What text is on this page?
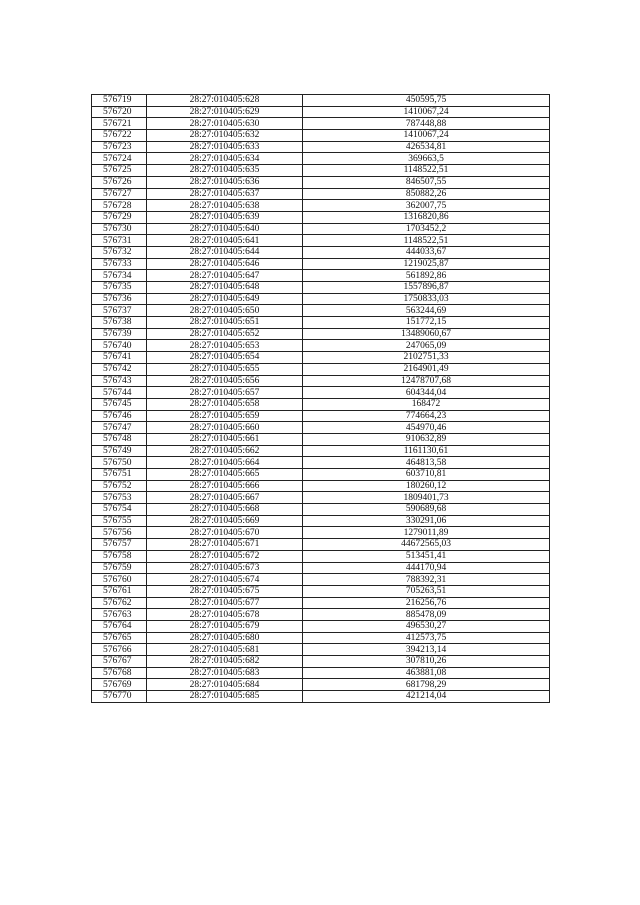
576719	28:27:010405:628	450595,75
576720	28:27:010405:629	1410067,24
576721	28:27:010405:630	787448,88
576722	28:27:010405:632	1410067,24
576723	28:27:010405:633	426534,81
576724	28:27:010405:634	369663,5
576725	28:27:010405:635	1148522,51
576726	28:27:010405:636	846507,55
576727	28:27:010405:637	850882,26
576728	28:27:010405:638	362007,75
576729	28:27:010405:639	1316820,86
576730	28:27:010405:640	1703452,2
576731	28:27:010405:641	1148522,51
576732	28:27:010405:644	444033,67
576733	28:27:010405:646	1219025,87
576734	28:27:010405:647	561892,86
576735	28:27:010405:648	1557896,87
576736	28:27:010405:649	1750833,03
576737	28:27:010405:650	563244,69
576738	28:27:010405:651	151772,15
576739	28:27:010405:652	13489060,67
576740	28:27:010405:653	247065,09
576741	28:27:010405:654	2102751,33
576742	28:27:010405:655	2164901,49
576743	28:27:010405:656	12478707,68
576744	28:27:010405:657	604344,04
576745	28:27:010405:658	168472
576746	28:27:010405:659	774664,23
576747	28:27:010405:660	454970,46
576748	28:27:010405:661	910632,89
576749	28:27:010405:662	1161130,61
576750	28:27:010405:664	464813,58
576751	28:27:010405:665	603710,81
576752	28:27:010405:666	180260,12
576753	28:27:010405:667	1809401,73
576754	28:27:010405:668	590689,68
576755	28:27:010405:669	330291,06
576756	28:27:010405:670	1279011,89
576757	28:27:010405:671	44672565,03
576758	28:27:010405:672	513451,41
576759	28:27:010405:673	444170,94
576760	28:27:010405:674	788392,31
576761	28:27:010405:675	705263,51
576762	28:27:010405:677	216256,76
576763	28:27:010405:678	885478,09
576764	28:27:010405:679	496530,27
576765	28:27:010405:680	412573,75
576766	28:27:010405:681	394213,14
576767	28:27:010405:682	307810,26
576768	28:27:010405:683	463881,08
576769	28:27:010405:684	681798,29
576770	28:27:010405:685	421214,04
